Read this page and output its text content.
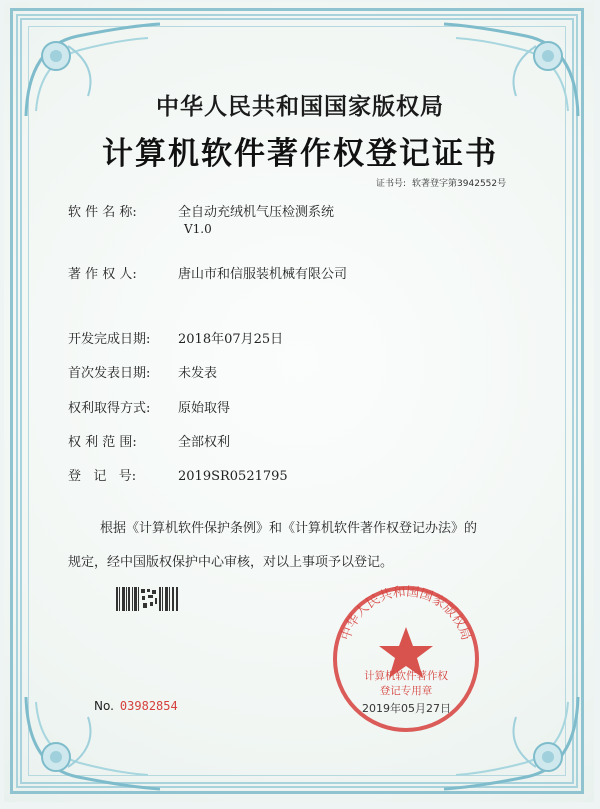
中华人民共和国国家版权局
计算机软件著作权登记证书
证书号: 软著登字第3942552号
软 件 名 称:	全自动充绒机气压检测系统
V1.0
著 作 权 人:	唐山市和信服装机械有限公司
开发完成日期: 2018年07月25日
首次发表日期: 未发表
权利取得方式: 原始取得
权 利 范 围:	全部权利
登   记   号:	2019SR0521795
根据《计算机软件保护条例》和《计算机软件著作权登记办法》的
规定，经中国版权保护中心审核，对以上事项予以登记。
中华人民共和国国家版权局
计算机软件著作权
登记专用章
No. 03982854	2019年05月27日
